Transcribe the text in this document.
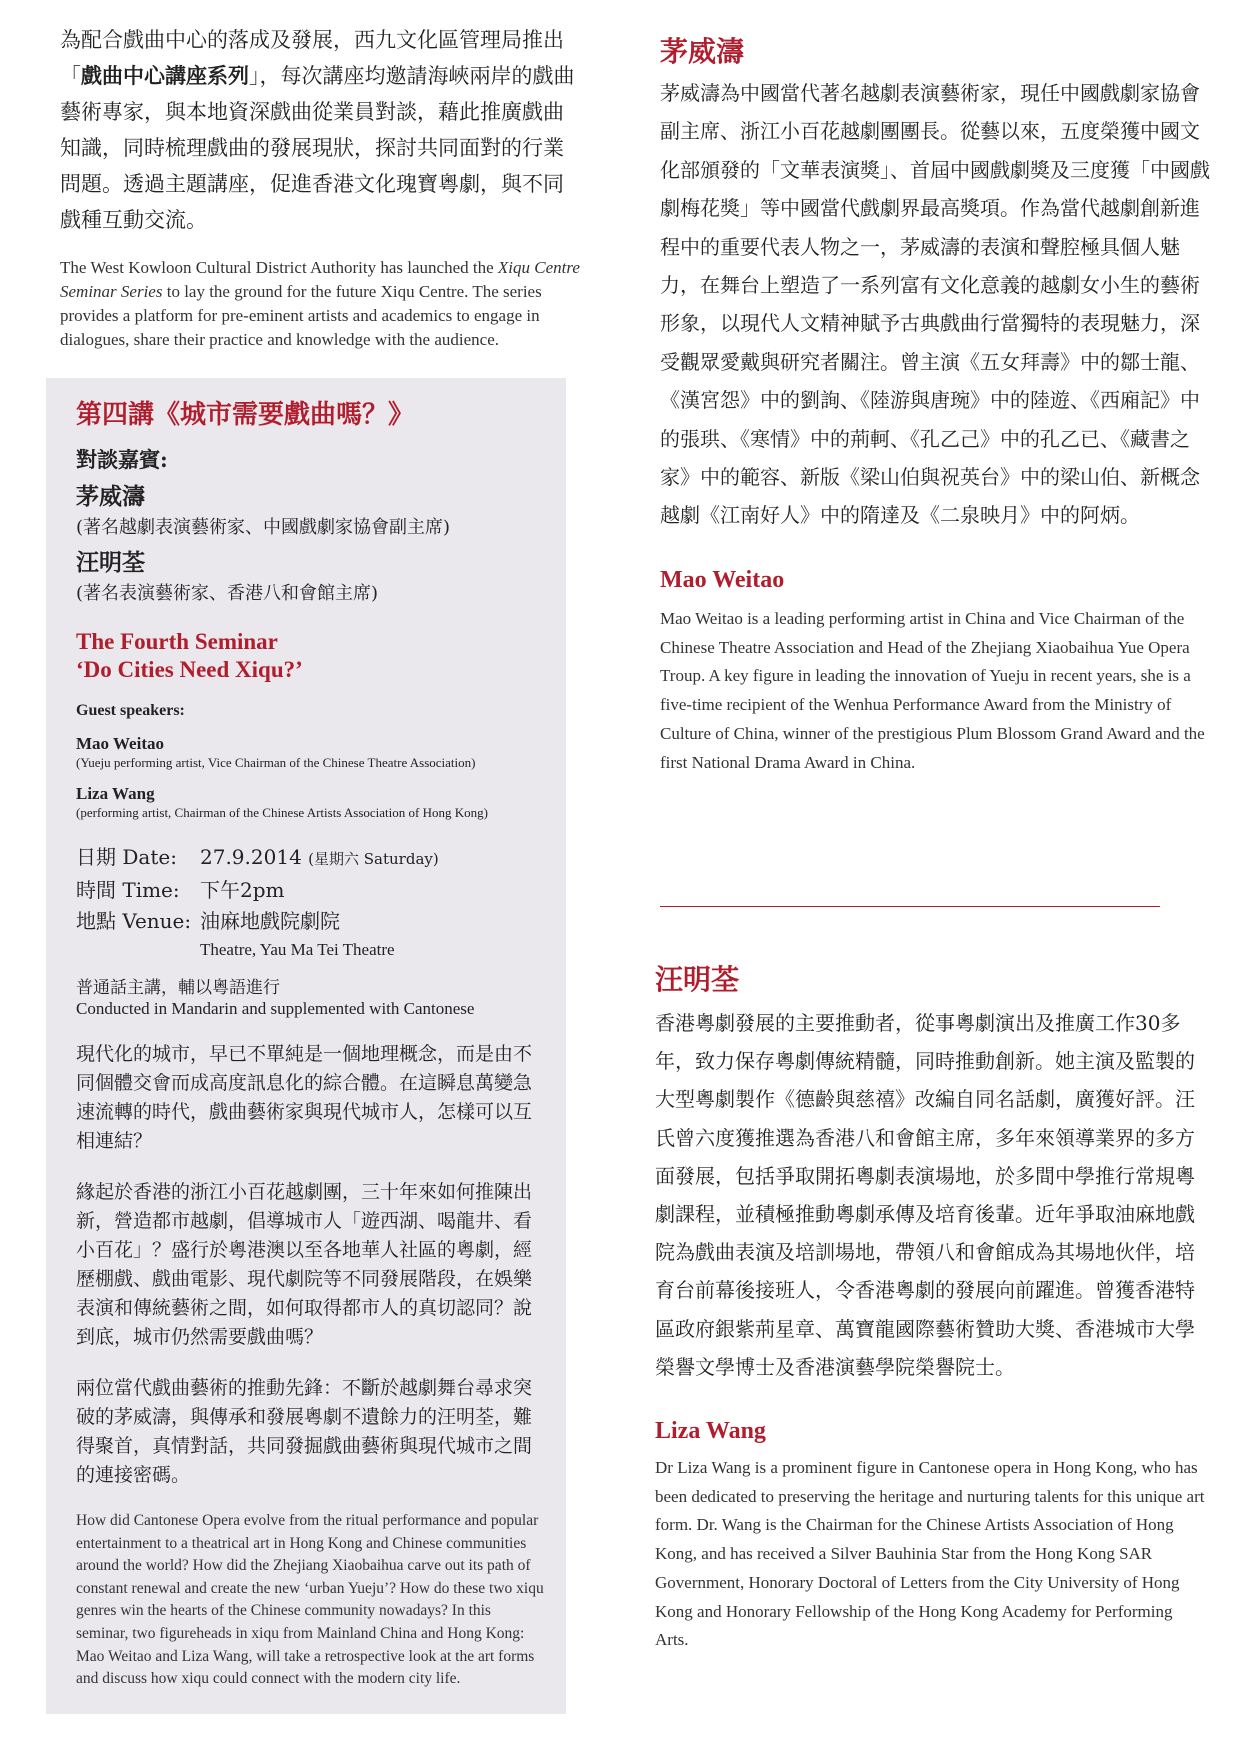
為配合戲曲中心的落成及發展，西九文化區管理局推出「戲曲中心講座系列」，每次講座均邀請海峽兩岸的戲曲藝術專家，與本地資深戲曲從業員對談，藉此推廣戲曲知識，同時梳理戲曲的發展現狀，探討共同面對的行業問題。透過主題講座，促進香港文化瑰寶粵劇，與不同戲種互動交流。

The West Kowloon Cultural District Authority has launched the Xiqu Centre Seminar Series to lay the ground for the future Xiqu Centre. The series provides a platform for pre-eminent artists and academics to engage in dialogues, share their practice and knowledge with the audience.

第四講《城市需要戲曲嗎？》

對談嘉賓:

茅威濤

(著名越劇表演藝術家、中國戲劇家協會副主席)

汪明荃

(著名表演藝術家、香港八和會館主席)

The Fourth Seminar
‘Do Cities Need Xiqu?’

Guest speakers:

Mao Weitao

(Yueju performing artist, Vice Chairman of the Chinese Theatre Association)

Liza Wang

(performing artist, Chairman of the Chinese Artists Association of Hong Kong)

日期 Date:	27.9.2014 (星期六 Saturday)
時間 Time:	下午2pm
地點 Venue: 油麻地戲院劇院
Theatre, Yau Ma Tei Theatre

普通話主講，輔以粵語進行

Conducted in Mandarin and supplemented with Cantonese

現代化的城市，早已不單純是一個地理概念，而是由不同個體交會而成高度訊息化的綜合體。在這瞬息萬變急速流轉的時代，戲曲藝術家與現代城市人，怎樣可以互相連結？

緣起於香港的浙江小百花越劇團，三十年來如何推陳出新，營造都市越劇，倡導城市人「遊西湖、喝龍井、看小百花」？盛行於粵港澳以至各地華人社區的粵劇，經歷棚戲、戲曲電影、現代劇院等不同發展階段，在娛樂表演和傳統藝術之間，如何取得都市人的真切認同？說到底，城市仍然需要戲曲嗎？

兩位當代戲曲藝術的推動先鋒：不斷於越劇舞台尋求突破的茅威濤，與傳承和發展粵劇不遺餘力的汪明荃，難得聚首，真情對話，共同發掘戲曲藝術與現代城市之間的連接密碼。

How did Cantonese Opera evolve from the ritual performance and popular entertainment to a theatrical art in Hong Kong and Chinese communities around the world? How did the Zhejiang Xiaobaihua carve out its path of constant renewal and create the new ‘urban Yueju’? How do these two xiqu genres win the hearts of the Chinese community nowadays? In this seminar, two figureheads in xiqu from Mainland China and Hong Kong: Mao Weitao and Liza Wang, will take a retrospective look at the art forms and discuss how xiqu could connect with the modern city life.

茅威濤

茅威濤為中國當代著名越劇表演藝術家，現任中國戲劇家協會副主席、浙江小百花越劇團團長。從藝以來，五度榮獲中國文化部頒發的「文華表演獎」、首屆中國戲劇獎及三度獲「中國戲劇梅花獎」等中國當代戲劇界最高獎項。作為當代越劇創新進程中的重要代表人物之一，茅威濤的表演和聲腔極具個人魅力，在舞台上塑造了一系列富有文化意義的越劇女小生的藝術形象，以現代人文精神賦予古典戲曲行當獨特的表現魅力，深受觀眾愛戴與研究者關注。曾主演《五女拜壽》中的鄒士龍、《漢宮怨》中的劉詢、《陸游與唐琬》中的陸遊、《西廂記》中的張珙、《寒情》中的荊軻、《孔乙己》中的孔乙已、《藏書之家》中的範容、新版《梁山伯與祝英台》中的梁山伯、新概念越劇《江南好人》中的隋達及《二泉映月》中的阿炳。

Mao Weitao

Mao Weitao is a leading performing artist in China and Vice Chairman of the Chinese Theatre Association and Head of the Zhejiang Xiaobaihua Yue Opera Troup. A key figure in leading the innovation of Yueju in recent years, she is a five-time recipient of the Wenhua Performance Award from the Ministry of Culture of China, winner of the prestigious Plum Blossom Grand Award and the first National Drama Award in China.

汪明荃

香港粵劇發展的主要推動者，從事粵劇演出及推廣工作30多年，致力保存粵劇傳統精髓，同時推動創新。她主演及監製的大型粵劇製作《德齡與慈禧》改編自同名話劇，廣獲好評。汪氏曾六度獲推選為香港八和會館主席，多年來領導業界的多方面發展，包括爭取開拓粵劇表演場地，於多間中學推行常規粵劇課程，並積極推動粵劇承傳及培育後輩。近年爭取油麻地戲院為戲曲表演及培訓場地，帶領八和會館成為其場地伙伴，培育台前幕後接班人，令香港粵劇的發展向前躍進。曾獲香港特區政府銀紫荊星章、萬寶龍國際藝術贊助大獎、香港城市大學榮譽文學博士及香港演藝學院榮譽院士。

Liza Wang

Dr Liza Wang is a prominent figure in Cantonese opera in Hong Kong, who has been dedicated to preserving the heritage and nurturing talents for this unique art form. Dr. Wang is the Chairman for the Chinese Artists Association of Hong Kong, and has received a Silver Bauhinia Star from the Hong Kong SAR Government, Honorary Doctoral of Letters from the City University of Hong Kong and Honorary Fellowship of the Hong Kong Academy for Performing Arts.
